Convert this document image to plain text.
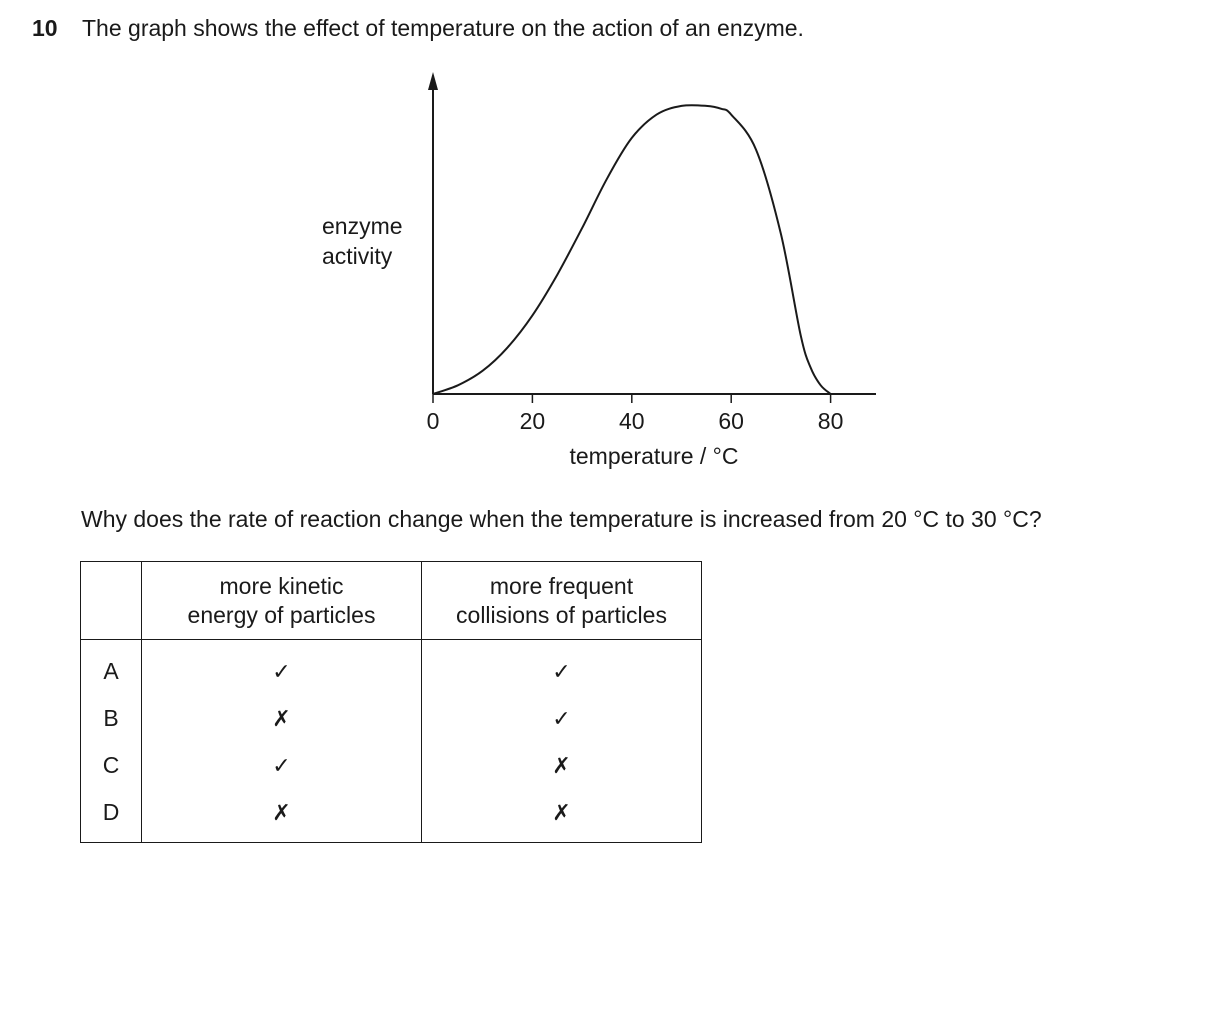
10 The graph shows the effect of temperature on the action of an enzyme.
0	20	40	60	80
temperature / °C
enzyme
activity
Why does the rate of reaction change when the temperature is increased from 20 °C to 30 °C?

	more kinetic
energy of particles	more frequent
collisions of particles

A	✓	✓
B	✗	✓
C	✓	✗
D	✗	✗
